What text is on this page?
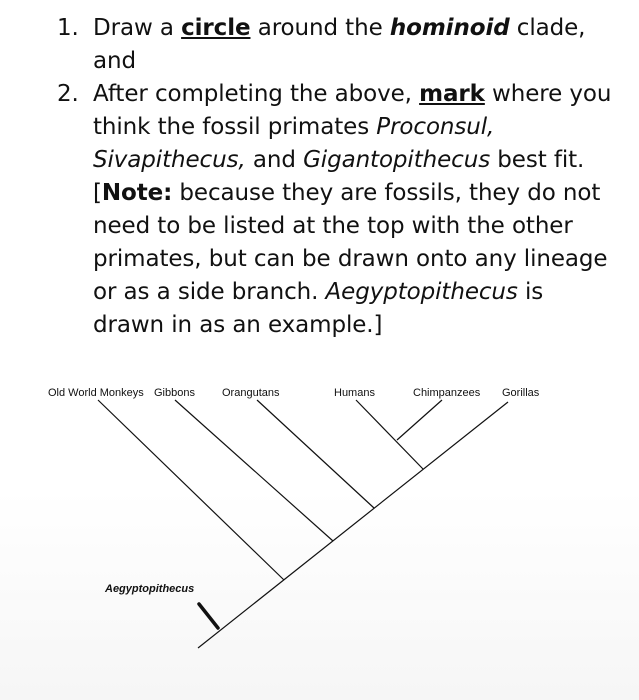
1. Draw a circle around the hominoid clade, and
2. After completing the above, mark where you think the fossil primates Proconsul, Sivapithecus, and Gigantopithecus best fit. [Note: because they are fossils, they do not need to be listed at the top with the other primates, but can be drawn onto any lineage or as a side branch. Aegyptopithecus is drawn in as an example.]
Old World Monkeys Gibbons Orangutans	Humans	Chimpanzees Gorillas
Aegyptopithecus
